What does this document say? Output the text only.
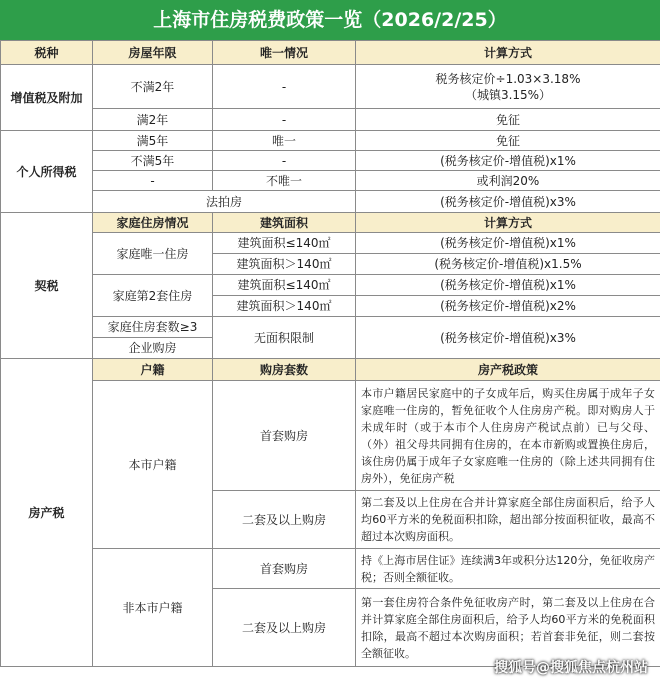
上海市住房税费政策一览（2026/2/25）
税种	房屋年限	唯一情况	计算方式
增值税及附加	不满2年	-	税务核定价÷1.03×3.18%
（城镇3.15%）

	满2年	-	免征
个人所得税	满5年	唯一	免征
	不满5年	-	(税务核定价-增值税)x1%
	-	不唯一	或利润20%
	法拍房		(税务核定价-增值税)x3%
契税	家庭住房情况	建筑面积	计算方式
	家庭唯一住房	建筑面积≤140㎡	(税务核定价-增值税)x1%
		建筑面积＞140㎡	(税务核定价-增值税)x1.5%
	家庭第2套住房	建筑面积≤140㎡	(税务核定价-增值税)x1%
		建筑面积＞140㎡	(税务核定价-增值税)x2%
	家庭住房套数≥3	无面积限制	(税务核定价-增值税)x3%
	企业购房		
房产税	户籍	购房套数	房产税政策
	本市户籍	首套购房	本市户籍居民家庭中的子女成年后，购买住房属于成年子女家庭唯一住房的，暂免征收个人住房房产税。即对购房人于未成年时（或于本市个人住房房产税试点前）已与父母、（外）祖父母共同拥有住房的，在本市新购或置换住房后，该住房仍属于成年子女家庭唯一住房的（除上述共同拥有住房外），免征房产税
		二套及以上购房	第二套及以上住房在合并计算家庭全部住房面积后，给予人均60平方米的免税面积扣除，超出部分按面积征收，最高不超过本次购房面积。
	非本市户籍	首套购房	持《上海市居住证》连续满3年或积分达120分，免征收房产税；否则全额征收。
		二套及以上购房	第一套住房符合条件免征收房产时，第二套及以上住房在合并计算家庭全部住房面积后，给予人均60平方米的免税面积扣除，最高不超过本次购房面积；若首套非免征，则二套按全额征收。
搜狐号@搜狐焦点杭州站
